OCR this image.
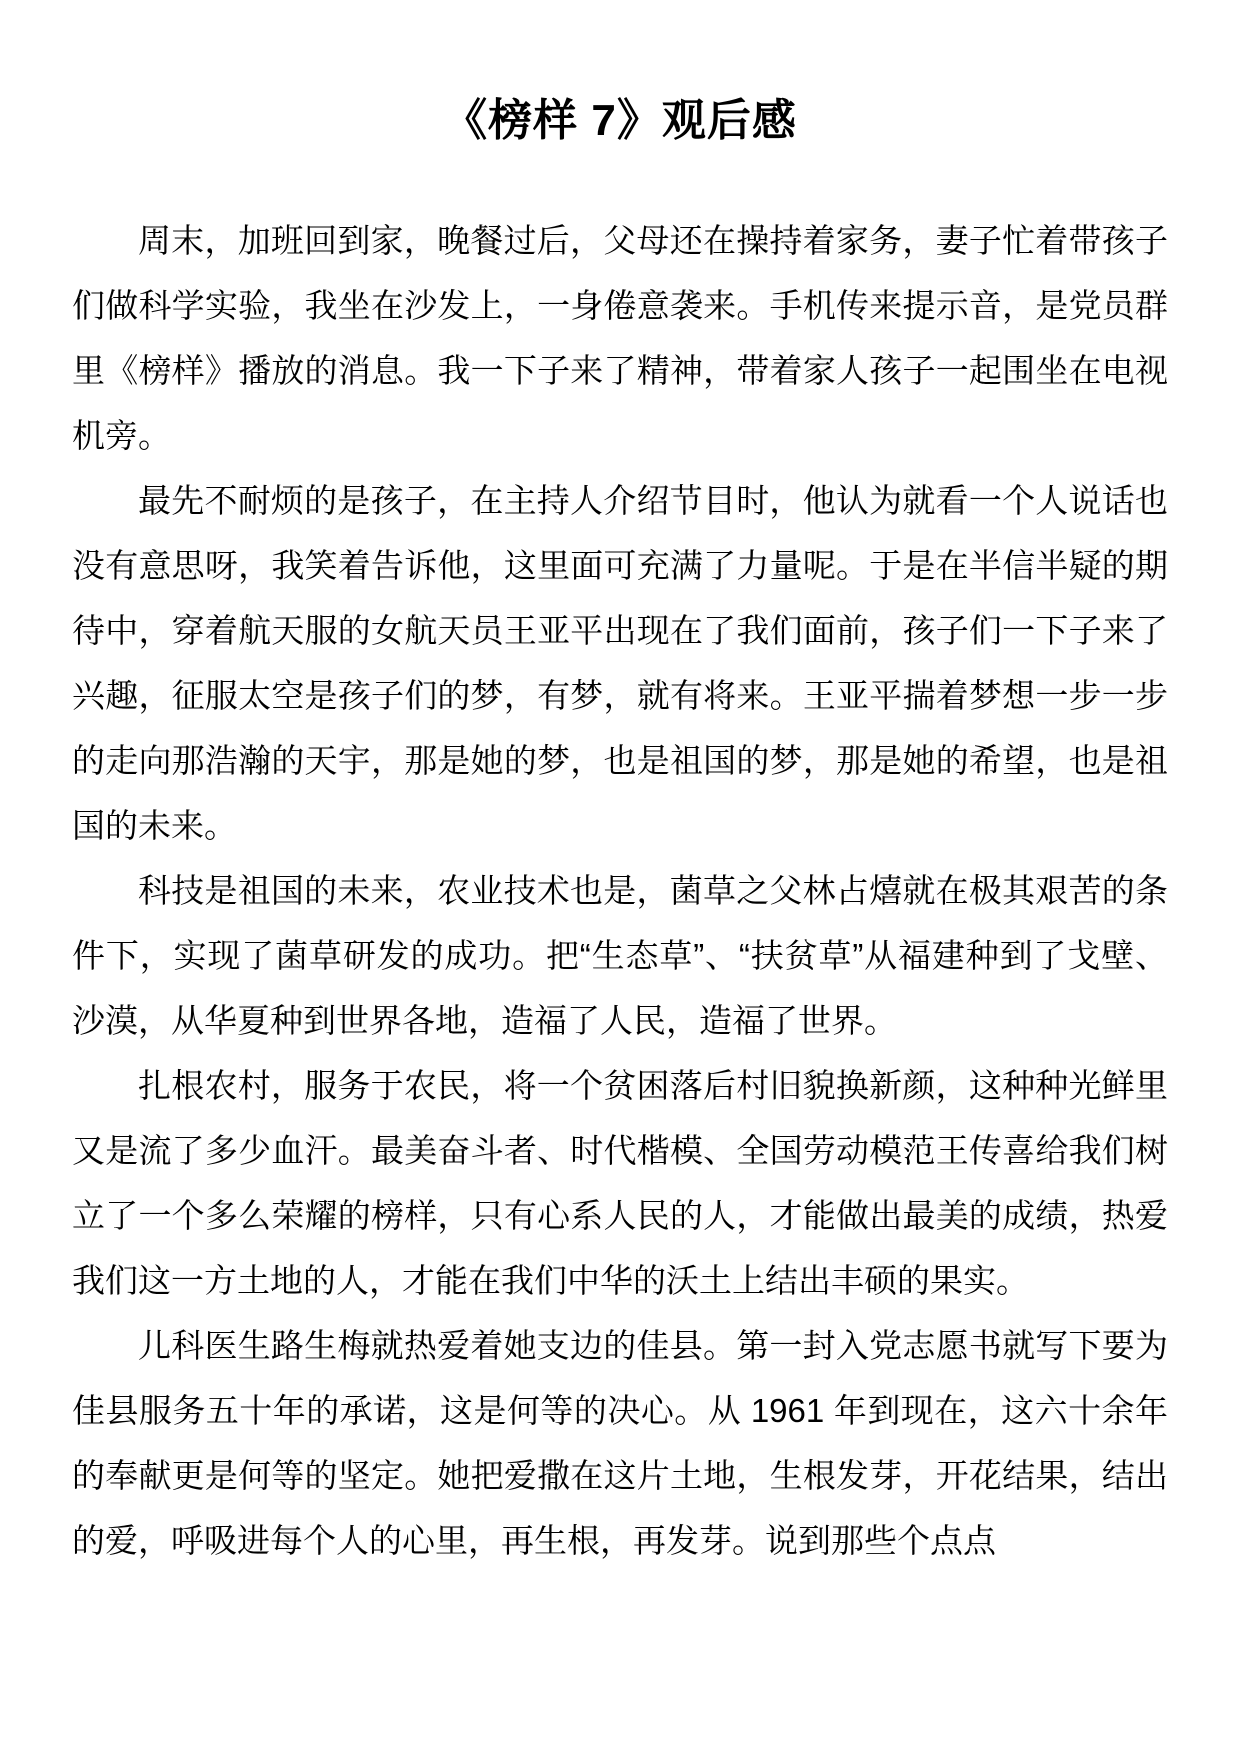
《榜样 7》观后感

周末，加班回到家，晚餐过后，父母还在操持着家务，妻子忙着带孩子们做科学实验，我坐在沙发上，一身倦意袭来。手机传来提示音，是党员群里《榜样》播放的消息。我一下子来了精神，带着家人孩子一起围坐在电视机旁。

最先不耐烦的是孩子，在主持人介绍节目时，他认为就看一个人说话也没有意思呀，我笑着告诉他，这里面可充满了力量呢。于是在半信半疑的期待中，穿着航天服的女航天员王亚平出现在了我们面前，孩子们一下子来了兴趣，征服太空是孩子们的梦，有梦，就有将来。王亚平揣着梦想一步一步的走向那浩瀚的天宇，那是她的梦，也是祖国的梦，那是她的希望，也是祖国的未来。

科技是祖国的未来，农业技术也是，菌草之父林占熺就在极其艰苦的条件下，实现了菌草研发的成功。把“生态草”、“扶贫草”从福建种到了戈壁、沙漠，从华夏种到世界各地，造福了人民，造福了世界。

扎根农村，服务于农民，将一个贫困落后村旧貌换新颜，这种种光鲜里又是流了多少血汗。最美奋斗者、时代楷模、全国劳动模范王传喜给我们树立了一个多么荣耀的榜样，只有心系人民的人，才能做出最美的成绩，热爱我们这一方土地的人，才能在我们中华的沃土上结出丰硕的果实。

儿科医生路生梅就热爱着她支边的佳县。第一封入党志愿书就写下要为佳县服务五十年的承诺，这是何等的决心。从 1961 年到现在，这六十余年的奉献更是何等的坚定。她把爱撒在这片土地，生根发芽，开花结果，结出的爱，呼吸进每个人的心里，再生根，再发芽。说到那些个点点
